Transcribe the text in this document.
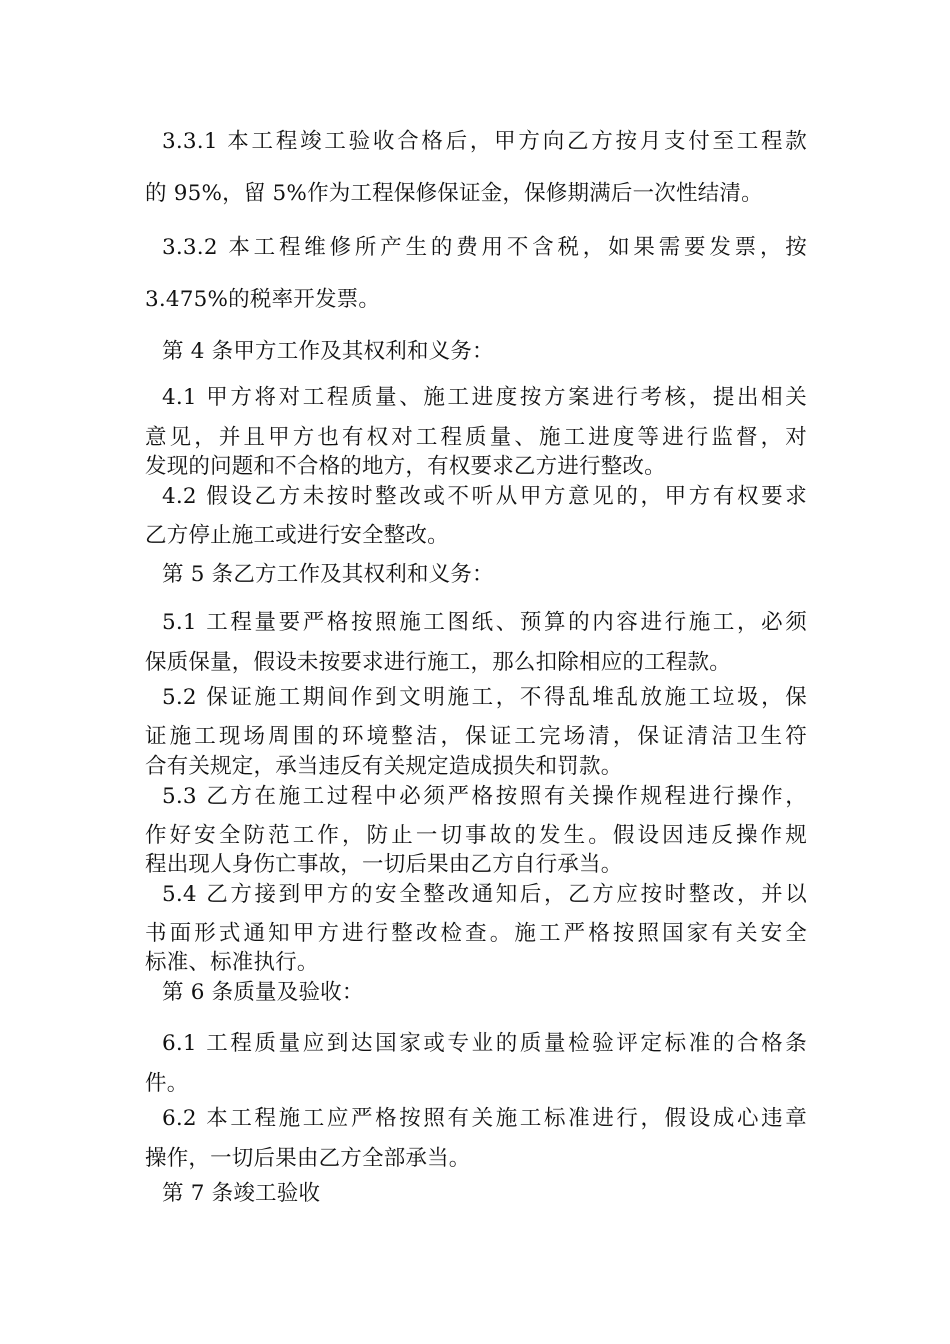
3.3.1 本工程竣工验收合格后，甲方向乙方按月支付至工程款
的 95%，留 5%作为工程保修保证金，保修期满后一次性结清。
3.3.2 本工程维修所产生的费用不含税，如果需要发票，按
3.475%的税率开发票。
第 4 条甲方工作及其权利和义务：
4.1 甲方将对工程质量、施工进度按方案进行考核，提出相关
意见，并且甲方也有权对工程质量、施工进度等进行监督，对
发现的问题和不合格的地方，有权要求乙方进行整改。
4.2 假设乙方未按时整改或不听从甲方意见的，甲方有权要求
乙方停止施工或进行安全整改。
第 5 条乙方工作及其权利和义务：
5.1 工程量要严格按照施工图纸、预算的内容进行施工，必须
保质保量，假设未按要求进行施工，那么扣除相应的工程款。
5.2 保证施工期间作到文明施工，不得乱堆乱放施工垃圾，保
证施工现场周围的环境整洁，保证工完场清，保证清洁卫生符
合有关规定，承当违反有关规定造成损失和罚款。
5.3 乙方在施工过程中必须严格按照有关操作规程进行操作，
作好安全防范工作，防止一切事故的发生。假设因违反操作规
程出现人身伤亡事故，一切后果由乙方自行承当。
5.4 乙方接到甲方的安全整改通知后，乙方应按时整改，并以
书面形式通知甲方进行整改检查。施工严格按照国家有关安全
标准、标准执行。
第 6 条质量及验收：
6.1 工程质量应到达国家或专业的质量检验评定标准的合格条
件。
6.2 本工程施工应严格按照有关施工标准进行，假设成心违章
操作，一切后果由乙方全部承当。
第 7 条竣工验收
